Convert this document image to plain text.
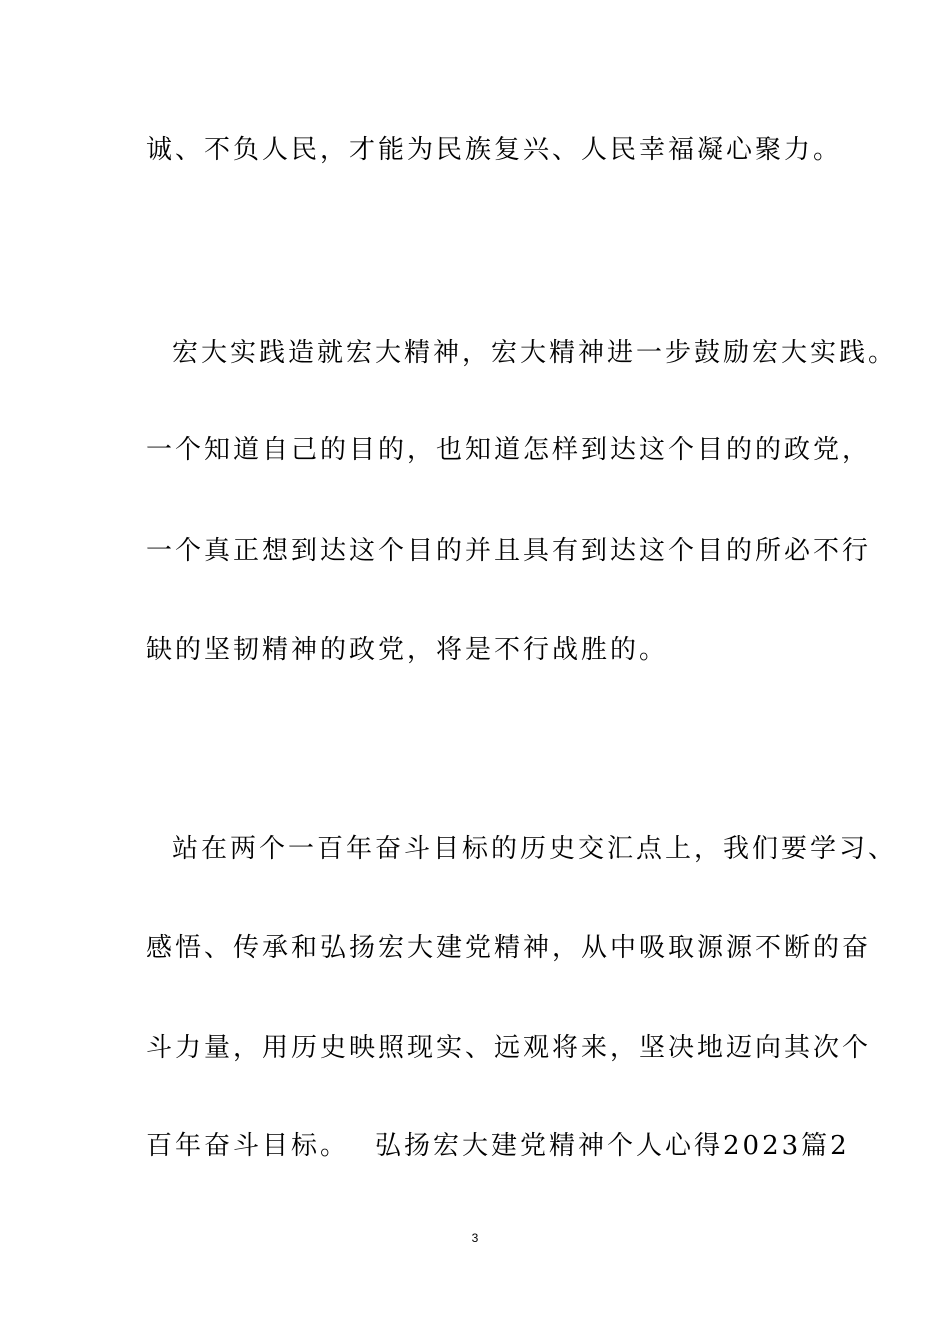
诚、不负人民，才能为民族复兴、人民幸福凝心聚力。
宏大实践造就宏大精神，宏大精神进一步鼓励宏大实践。
一个知道自己的目的，也知道怎样到达这个目的的政党，
一个真正想到达这个目的并且具有到达这个目的所必不行
缺的坚韧精神的政党，将是不行战胜的。
站在两个一百年奋斗目标的历史交汇点上，我们要学习、
感悟、传承和弘扬宏大建党精神，从中吸取源源不断的奋
斗力量，用历史映照现实、远观将来，坚决地迈向其次个
百年奋斗目标。 弘扬宏大建党精神个人心得2023篇2
3
